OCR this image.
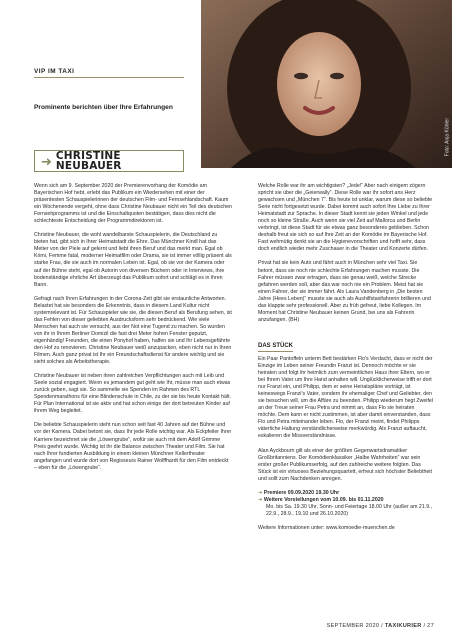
VIP IM TAXI
Prominente berichten über Ihre Erfahrungen
Foto: Anja Köhler
➜ CHRISTINE NEUBAUER

Wenn sich am 9. September 2020 der Premierenvorhang der Komödie am Bayerischen Hof hebt, erlebt das Publikum ein Wiedersehen mit einer der präsentesten Schauspielerinnen der deutschen Film- und Fernsehlandschaft. Kaum ein Wochenende vergeht, ohne dass Christine Neubauer nicht ein Teil des deutschen Fernsehprogramms ist und die Einschaltquoten bestätigen, dass dies nicht die schlechteste Entscheidung der Programmdirektoren ist.

Christine Neubauer, die wohl wandelbarste Schauspielerin, die Deutschland zu bieten hat, gibt sich in Ihrer Heimatstadt die Ehre. Das Münchner Kindl hat das Metier von der Piele auf gelernt und liebt ihren Beruf und das merkt man. Egal ob Krimi, Femme fatal, moderner Heimatfilm oder Drama, sie ist immer völlig präsent als starke Frau, die sie auch im normalen Leben ist. Egal, ob sie vor der Kamera oder auf der Bühne steht, egal ob Autorin von diversen Büchern oder in Interviews, ihre bodenständige ehrliche Art überzeugt das Publikum sofort und schlägt es in ihren Bann.

Gefragt nach Ihren Erfahrungen in der Corona-Zeit gibt sie erstaunliche Antworten. Belastet hat sie besonders die Erkenntnis, dass in diesem Land Kultur nicht systemrelevant ist. Für Schauspieler wie sie, die diesen Beruf als Berufung sehen, ist das Fehlen von dieser geliebten Ausdrucksform sehr bedrückend. Wie viele Menschen hat auch sie versucht, aus der Not eine Tugend zu machen. So wurden von ihr in Ihrem Berliner Domizil die fast drei Meter hohen Fenster geputzt, eigenhändig! Freunden, die einen Ponyhof haben, halfen sie und Ihr Lebensgefährte den Hof zu renovieren. Christine Neubauer weiß anzupacken, eben nicht nur in Ihren Filmen. Auch ganz privat ist Ihr ein Freundschaftsdienst für andere wichtig und sie sieht solches als Arbeitstherapie.

Christine Neubauer ist neben ihren zahlreichen Verpflichtungen auch mit Leib und Seele sozial engagiert. Wenn es jemandem gut geht wie Ihr, müsse man auch etwas zurück geben, sagt sie. So sammelte sie Spenden im Rahmen des RTL Spendenmarathons für eine Blindenschule in Chile, zu der sie bis heute Kontakt hält. Für Plan International ist sie aktiv und hat schon einige der dort betreuten Kinder auf ihrem Weg begleitet.

Die beliebte Schauspielerin steht nun schon seit fast 40 Jahren auf der Bühne und vor der Kamera. Dabei betont sie, dass Ihr jede Rolle wichtig war. Als Eckpfeiler Ihrer Karriere bezeichnet sie die „Löwengrube“, wofür sie auch mit dem Adolf Grimme Preis geehrt wurde. Wichtig ist ihr die Balance zwischen Theater und Film. Sie hat nach Ihrer fundierten Ausbildung in einem kleinen Münchner Kellertheater angefangen und wurde dort von Regisseurs Rainer Wolffhardt für den Film entdeckt – eben für die „Löwengrube“.

Welche Rolle war ihr am wichtigsten? „Jede!“ Aber nach einigem zögern spricht sie über die „Geierwally“. Diese Rolle war ihr sofort ans Herz gewachsen und „München 7“. Bis heute ist unklar, warum diese so beliebte Serie nicht fortgesetzt wurde. Dabei kommt auch sofort Ihre Liebe zu Ihrer Heimatstadt zur Sprache. In dieser Stadt kennt sie jeden Winkel und jede noch so kleine Straße. Auch wenn sie viel Zeit auf Mallorca und Berlin verbringt, ist diese Stadt für sie etwas ganz besonderes geblieben. Schon deshalb freut sie sich so auf Ihre Zeit an der Komödie im Bayerische Hof. Fast wehmütig denkt sie an die Hygienevorschriften und hofft sehr, dass doch endlich wieder mehr Zuschauer in die Theater und Konzerte dürfen.

Privat hat sie kein Auto und fährt auch in München sehr viel Taxi. Sie betont, dass sie noch nie schlechte Erfahrungen machen musste. Die Fahrer müssen zwar ertragen, dass sie genau weiß, welche Strecke gefahren werden soll, aber das war noch nie ein Problem. Meist hat sie einen Fahrer, der sie immer fährt. Als Laura Vandenberg in „Die besten Jahre (Hees Leben)“ musste sie auch als Aushilfstaxifahrerin brillieren und das klappte sehr professionell. Aber zu früh gefreut, liebe Kollegen. Im Moment hat Christine Neubauer keinen Grund, bei uns als Fahrerin anzufangen. (BH)

DAS STÜCK

Ein Paar Pantoffeln unterm Bett bestärken Flo's Verdacht, dass er nicht der Einzige im Leben seiner Freundin Franzi ist. Dennoch möchte er sie heiraten und folgt ihr heimlich zum vermeintlichen Haus ihrer Eltern, wo er bei Ihrem Vater um Ihre Hand anhalten will. Unglücklicherweise trifft er dort nur Franzi ein, und Philipp, dem er seine Heiratspläne vorträgt, ist keineswegs Franzi's Vater, sondern ihr ehemaliger Chef und Geliebter, den sie besuchen will, um die Affäre zu beenden. Philipp wiederum hegt Zweifel an der Treue seiner Frau Petra und nimmt an, dass Flo sie heiraten möchte. Dem kann er nicht zustimmen, ist aber damit einverstanden, dass Flo und Petra miteinander leben. Flo, der Franzi meint, findet Philipps väterliche Haltung verständlicherweise merkwürdig. Als Franzi auftaucht, eskalieren die Missverständnisse.

Alan Ayckbourn gilt als einer der größten Gegenwartsdramatiker Großbritanniens. Der Komödienklassiker „Halbe Wahrheiten“ war sein erster großer Publikumserfolg, auf den zahlreiche weitere folgten. Das Stück ist ein virtuoses Beziehungsquartett, erfreut sich höchster Beliebtheit und sollt zum Nachdenken anregen.

➜ Premiere 09.09.2020 19.30 Uhr
➜ Weitere Vorstellungen vom 10.09. bis 01.11.2020

Mo. bis Sa. 19.30 Uhr, Sonn- und Feiertage 18.00 Uhr (außer am 21.9., 22.9., 28.9., 19.10 und 26.10.2020)

Weitere Informationen unter: www.komoedie-muenchen.de

SEPTEMBER 2020 / TAXIKURIER / 27
